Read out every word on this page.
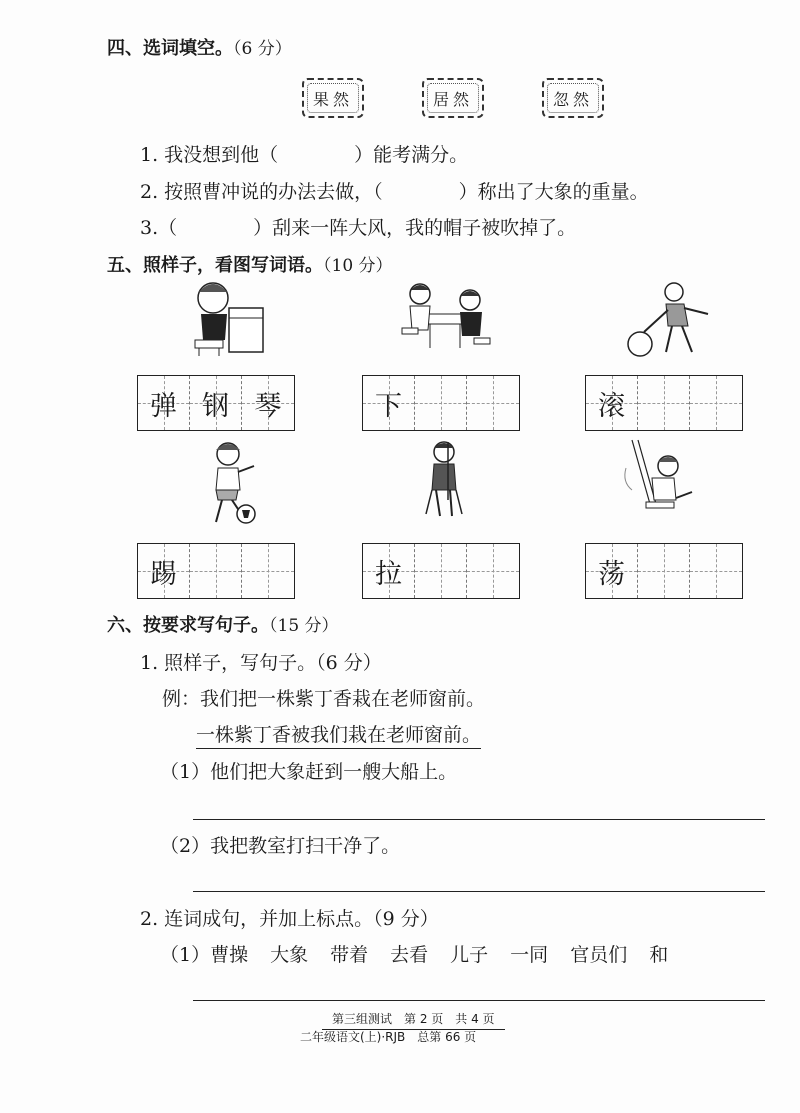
四、选词填空。（6 分）
果然	居然	忽然
1. 我没想到他（　　　　）能考满分。
2. 按照曹冲说的办法去做，（　　　　）称出了大象的重量。
3.（　　　　）刮来一阵大风，我的帽子被吹掉了。
五、照样子，看图写词语。（10 分）
弹 钢 琴	下	滚
踢	拉	荡
六、按要求写句子。（15 分）
1. 照样子，写句子。（6 分）
例：我们把一株紫丁香栽在老师窗前。
一株紫丁香被我们栽在老师窗前。
（1）他们把大象赶到一艘大船上。
（2）我把教室打扫干净了。
2. 连词成句，并加上标点。（9 分）
（1）曹操 大象 带着 去看 儿子 一同 官员们 和
第三组测试　第 2 页　共 4 页
二年级语文(上)·RJB　总第 66 页
